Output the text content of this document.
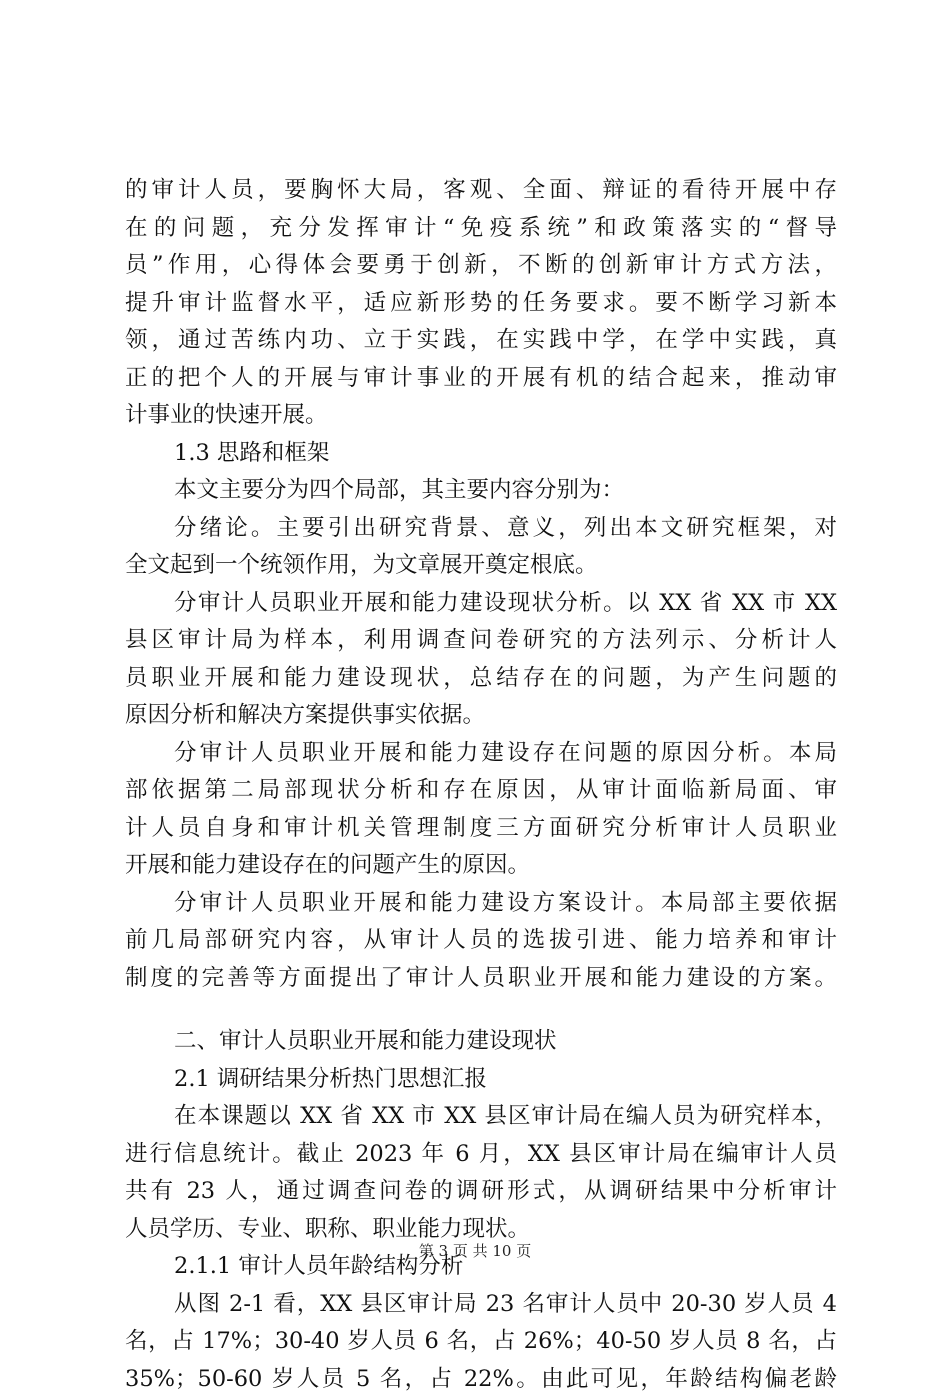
的审计人员，要胸怀大局，客观、全面、辩证的看待开展中存
在的问题，充分发挥审计“免疫系统”和政策落实的“督导
员”作用，心得体会要勇于创新，不断的创新审计方式方法，
提升审计监督水平，适应新形势的任务要求。要不断学习新本
领，通过苦练内功、立于实践，在实践中学，在学中实践，真
正的把个人的开展与审计事业的开展有机的结合起来，推动审
计事业的快速开展。
1.3 思路和框架
本文主要分为四个局部，其主要内容分别为：
分绪论。主要引出研究背景、意义，列出本文研究框架，对
全文起到一个统领作用，为文章展开奠定根底。
分审计人员职业开展和能力建设现状分析。以 XX 省 XX 市 XX
县区审计局为样本，利用调查问卷研究的方法列示、分析计人
员职业开展和能力建设现状，总结存在的问题，为产生问题的
原因分析和解决方案提供事实依据。
分审计人员职业开展和能力建设存在问题的原因分析。本局
部依据第二局部现状分析和存在原因，从审计面临新局面、审
计人员自身和审计机关管理制度三方面研究分析审计人员职业
开展和能力建设存在的问题产生的原因。
分审计人员职业开展和能力建设方案设计。本局部主要依据
前几局部研究内容，从审计人员的选拔引进、能力培养和审计
制度的完善等方面提出了审计人员职业开展和能力建设的方案。
二、审计人员职业开展和能力建设现状
2.1 调研结果分析热门思想汇报
在本课题以 XX 省 XX 市 XX 县区审计局在编人员为研究样本，
进行信息统计。截止 2023 年 6 月，XX 县区审计局在编审计人员
共有 23 人，通过调查问卷的调研形式，从调研结果中分析审计
人员学历、专业、职称、职业能力现状。
2.1.1 审计人员年龄结构分析
从图 2-1 看，XX 县区审计局 23 名审计人员中 20-30 岁人员 4
名，占 17%；30-40 岁人员 6 名，占 26%；40-50 岁人员 8 名，占
35%；50-60 岁人员 5 名，占 22%。由此可见，年龄结构偏老龄
第 3 页 共 10 页
